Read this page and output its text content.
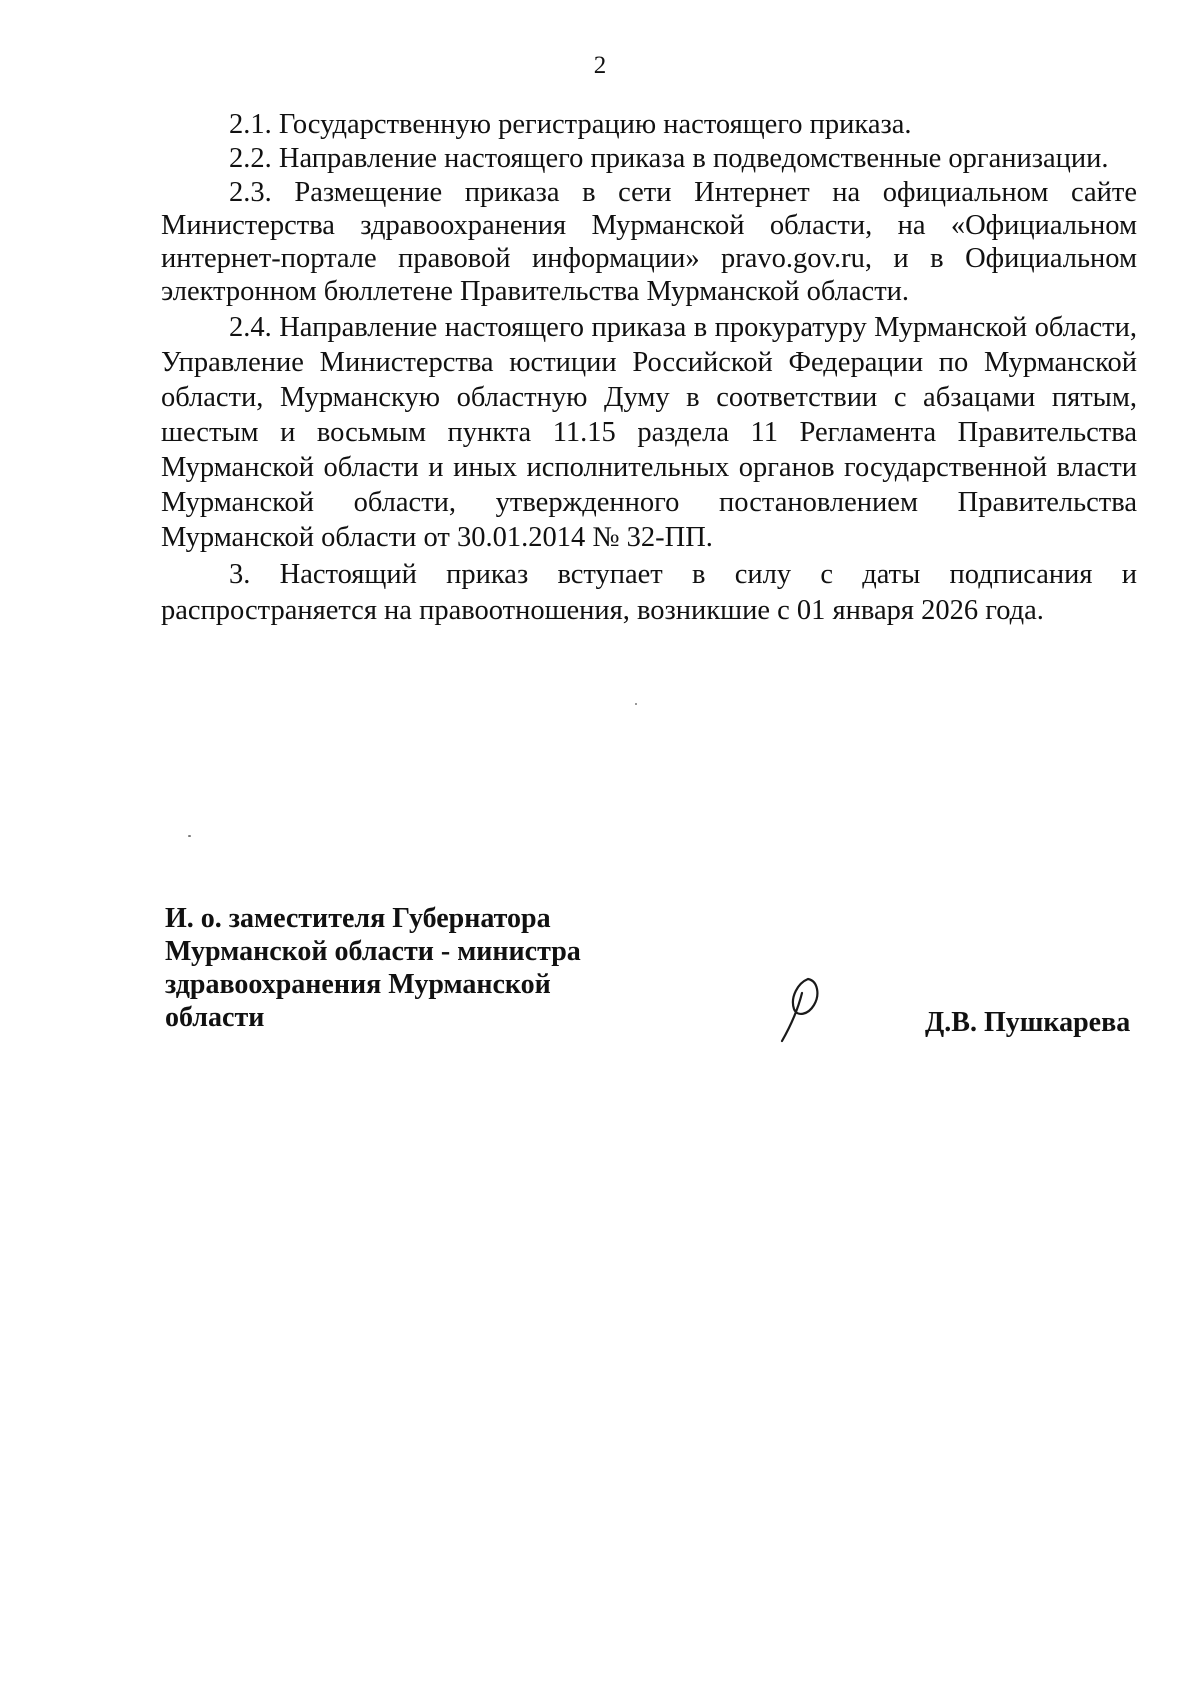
2

2.1. Государственную регистрацию настоящего приказа.

2.2. Направление настоящего приказа в подведомственные организации.

2.3. Размещение приказа в сети Интернет на официальном сайте Министерства здравоохранения Мурманской области, на «Официальном интернет-портале правовой информации» pravo.gov.ru, и в Официальном электронном бюллетене Правительства Мурманской области.

2.4. Направление настоящего приказа в прокуратуру Мурманской области, Управление Министерства юстиции Российской Федерации по Мурманской области, Мурманскую областную Думу в соответствии с абзацами пятым, шестым и восьмым пункта 11.15 раздела 11 Регламента Правительства Мурманской области и иных исполнительных органов государственной власти Мурманской области, утвержденного постановлением Правительства Мурманской области от 30.01.2014 № 32-ПП.

3. Настоящий приказ вступает в силу с даты подписания и распространяется на правоотношения, возникшие с 01 января 2026 года.

И. о. заместителя Губернатора
Мурманской области - министра
здравоохранения Мурманской
области	Д.В. Пушкарева
